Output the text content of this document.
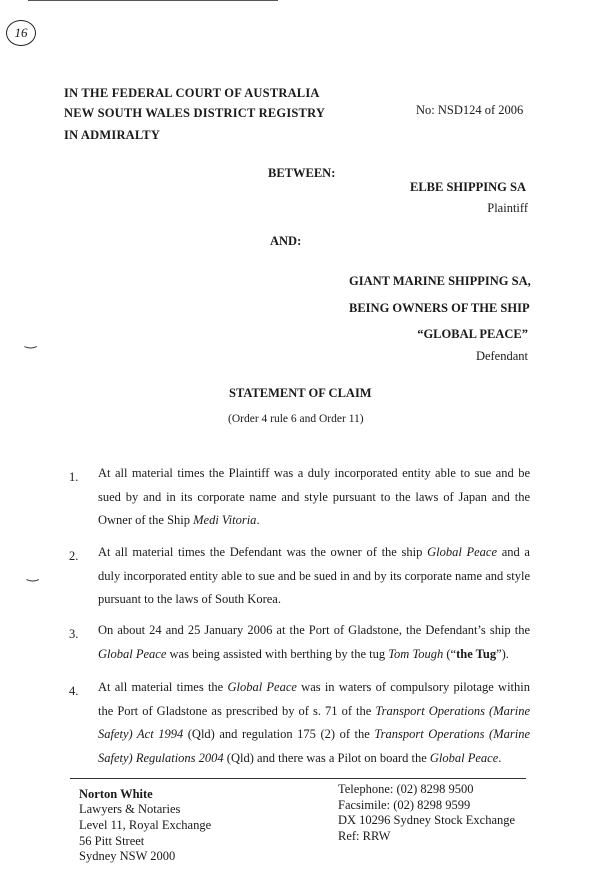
16
IN THE FEDERAL COURT OF AUSTRALIA
NEW SOUTH WALES DISTRICT REGISTRY
IN ADMIRALTY
No: NSD124 of 2006
BETWEEN:
ELBE SHIPPING SA
Plaintiff
AND:
GIANT MARINE SHIPPING SA,
BEING OWNERS OF THE SHIP
“GLOBAL PEACE”
Defendant
STATEMENT OF CLAIM
(Order 4 rule 6 and Order 11)
‿
‿
1. At all material times the Plaintiff was a duly incorporated entity able to sue and be sued by and in its corporate name and style pursuant to the laws of Japan and the Owner of the Ship Medi Vitoria.
2. At all material times the Defendant was the owner of the ship Global Peace and a duly incorporated entity able to sue and be sued in and by its corporate name and style pursuant to the laws of South Korea.
3. On about 24 and 25 January 2006 at the Port of Gladstone, the Defendant’s ship the Global Peace was being assisted with berthing by the tug Tom Tough (“the Tug”).
4. At all material times the Global Peace was in waters of compulsory pilotage within the Port of Gladstone as prescribed by of s. 71 of the Transport Operations (Marine Safety) Act 1994 (Qld) and regulation 175 (2) of the Transport Operations (Marine Safety) Regulations 2004 (Qld) and there was a Pilot on board the Global Peace.
Norton White
Lawyers & Notaries
Level 11, Royal Exchange
56 Pitt Street
Sydney NSW 2000
Telephone: (02) 8298 9500
Facsimile: (02) 8298 9599
DX 10296 Sydney Stock Exchange
Ref: RRW
